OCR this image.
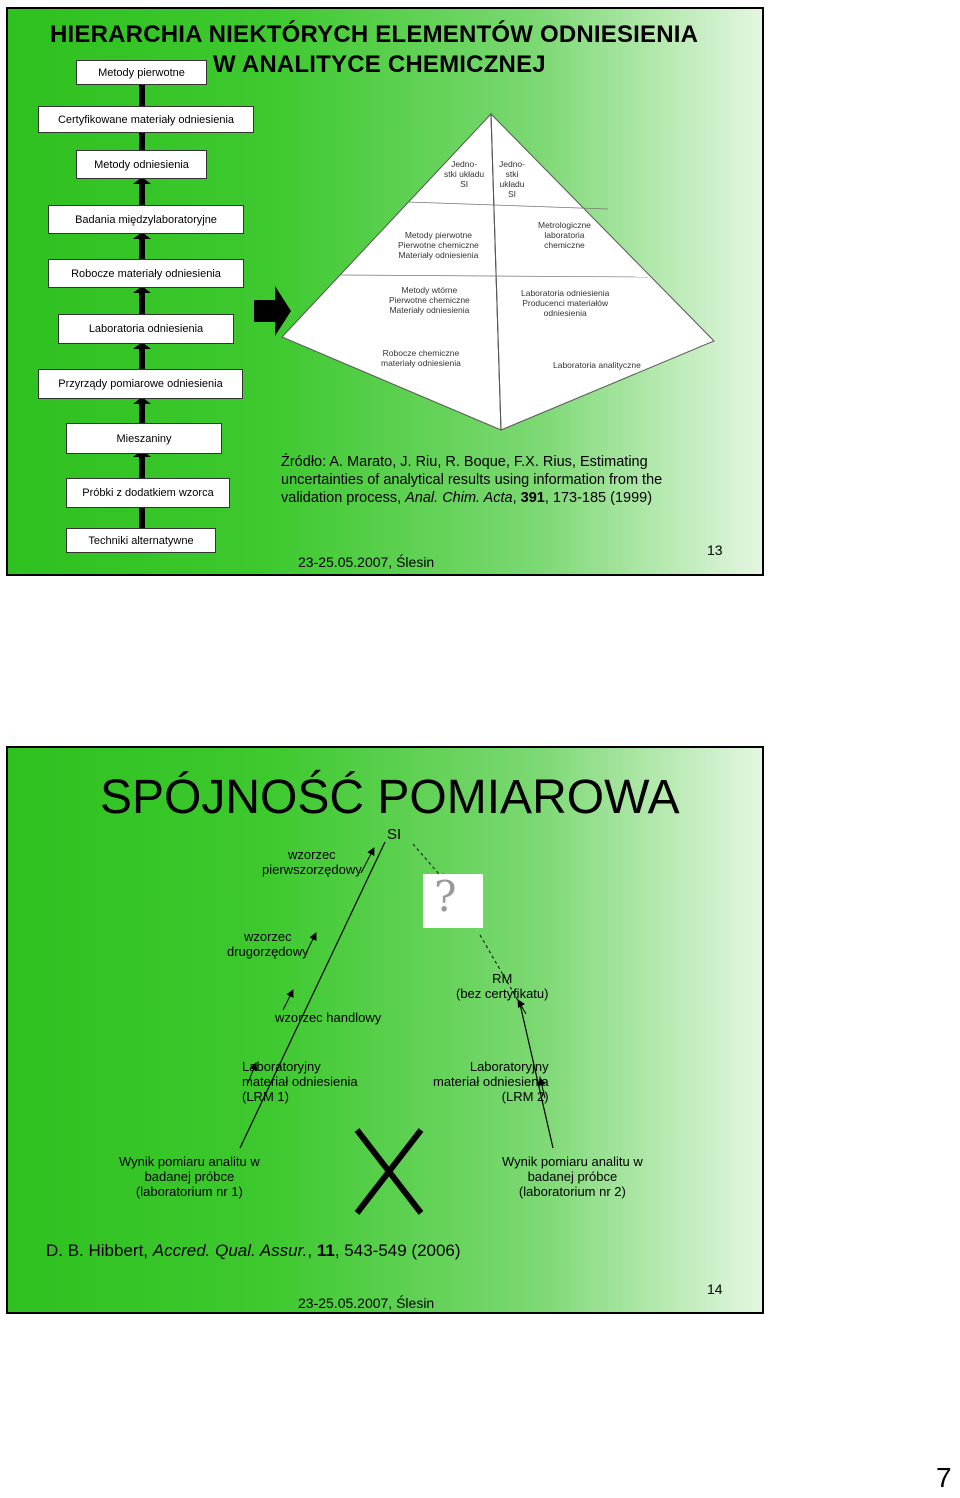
HIERARCHIA NIEKTÓRYCH ELEMENTÓW ODNIESIENIA
W ANALITYCE CHEMICZNEJ
Metody pierwotne
Certyfikowane materiały odniesienia
Metody odniesienia
Badania międzylaboratoryjne
Robocze materiały odniesienia
Laboratoria odniesienia
Przyrządy pomiarowe odniesienia
Mieszaniny
Próbki z dodatkiem wzorca
Techniki alternatywne
Jedno-
stki układu
SI
Jedno-
stki
układu
SI
Metody pierwotne
Pierwotne chemiczne
Materiały odniesienia
Metody wtórne
Pierwotne chemiczne
Materiały odniesienia
Robocze chemiczne
materiały odniesienia
Metrologiczne
laboratoria
chemiczne
Laboratoria odniesienia
Producenci materiałów
odniesienia
Laboratoria analityczne
Źródło: A. Marato, J. Riu, R. Boque, F.X. Rius, Estimating
uncertainties of analytical results using information from the
validation process, Anal. Chim. Acta, 391, 173-185 (1999)
23-25.05.2007, Ślesin
13
SPÓJNOŚĆ POMIAROWA
SI
?
wzorzec
pierwszorzędowy
wzorzec
drugorzędowy
wzorzec handlowy
RM
(bez certyfikatu)
Laboratoryjny
materiał odniesienia
(LRM 1)
Laboratoryjny
materiał odniesienia
(LRM 2)
Wynik pomiaru analitu w
badanej próbce
(laboratorium nr 1)
Wynik pomiaru analitu w
badanej próbce
(laboratorium nr 2)
D. B. Hibbert, Accred. Qual. Assur., 11, 543-549 (2006)
23-25.05.2007, Ślesin
14
7
